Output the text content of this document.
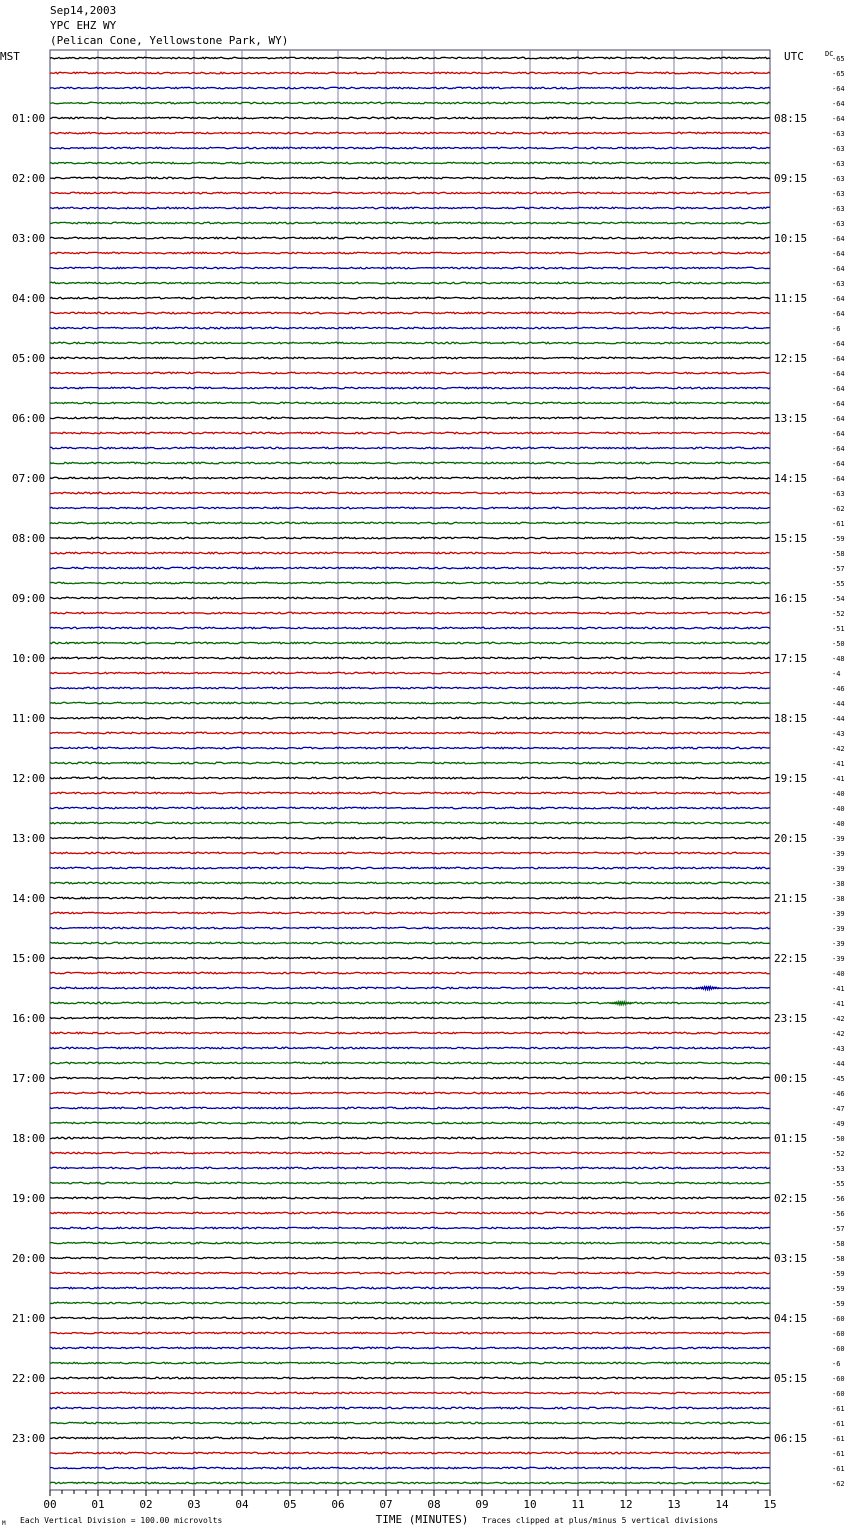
Sep14,2003
YPC EHZ WY
(Pelican Cone, Yellowstone Park, WY)
MST	UTC
01:00
02:00
03:00
04:00
05:00
06:00
07:00
08:00
09:00
10:00
11:00
12:00
13:00
14:00
15:00
16:00
17:00
18:00
19:00
20:00
21:00
22:00
23:00
08:15
09:15
10:15
11:15
12:15
13:15
14:15
15:15
16:15
17:15
18:15
19:15
20:15
21:15
22:15
23:15
00:15
01:15
02:15
03:15
04:15
05:15
06:15
DC
-65
-65
-64
-64
-64
-63
-63
-63
-63
-63
-63
-63
-64
-64
-64
-63
-64
-64
-6
-64
-64
-64
-64
-64
-64
-64
-64
-64
-64
-63
-62
-61
-59
-58
-57
-55
-54
-52
-51
-50
-48
-4
-46
-44
-44
-43
-42
-41
-41
-40
-40
-40
-39
-39
-39
-38
-38
-39
-39
-39
-39
-40
-41
-41
-42
-42
-43
-44
-45
-46
-47
-49
-50
-52
-53
-55
-56
-56
-57
-58
-58
-59
-59
-59
-60
-60
-60
-6
-60
-60
-61
-61
-61
-61
-61
-62
00	01	02	03	04	05	06	07	08	09	10	11	12	13	14	15
TIME (MINUTES)
M Each Vertical Division = 100.00 microvolts	Traces clipped at plus/minus 5 vertical divisions
